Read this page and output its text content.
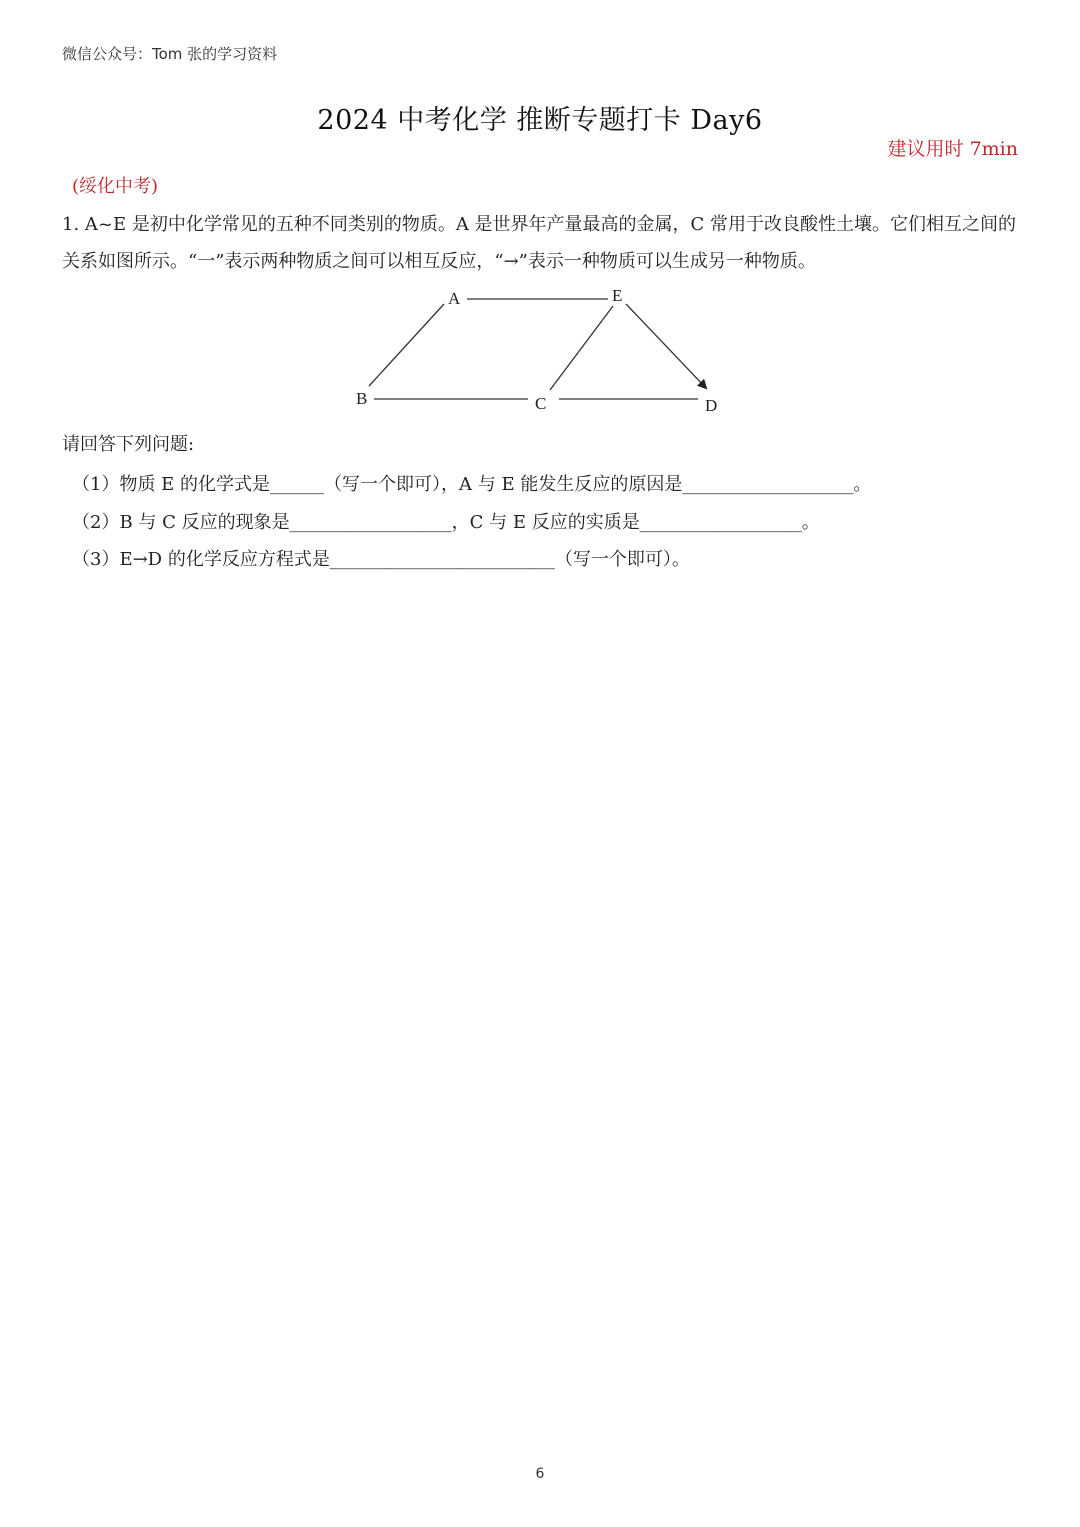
微信公众号：Tom 张的学习资料
2024 中考化学 推断专题打卡 Day6
建议用时 7min
(绥化中考)
1. A~E 是初中化学常见的五种不同类别的物质。A 是世界年产量最高的金属，C 常用于改良酸性土壤。它们相互之间的关系如图所示。“一”表示两种物质之间可以相互反应，“→”表示一种物质可以生成另一种物质。
A
B	C	D
E
请回答下列问题:
（1）物质 E 的化学式是______（写一个即可），A 与 E 能发生反应的原因是___________________。
（2）B 与 C 反应的现象是__________________，C 与 E 反应的实质是__________________。
（3）E→D 的化学反应方程式是_________________________（写一个即可）。
6
